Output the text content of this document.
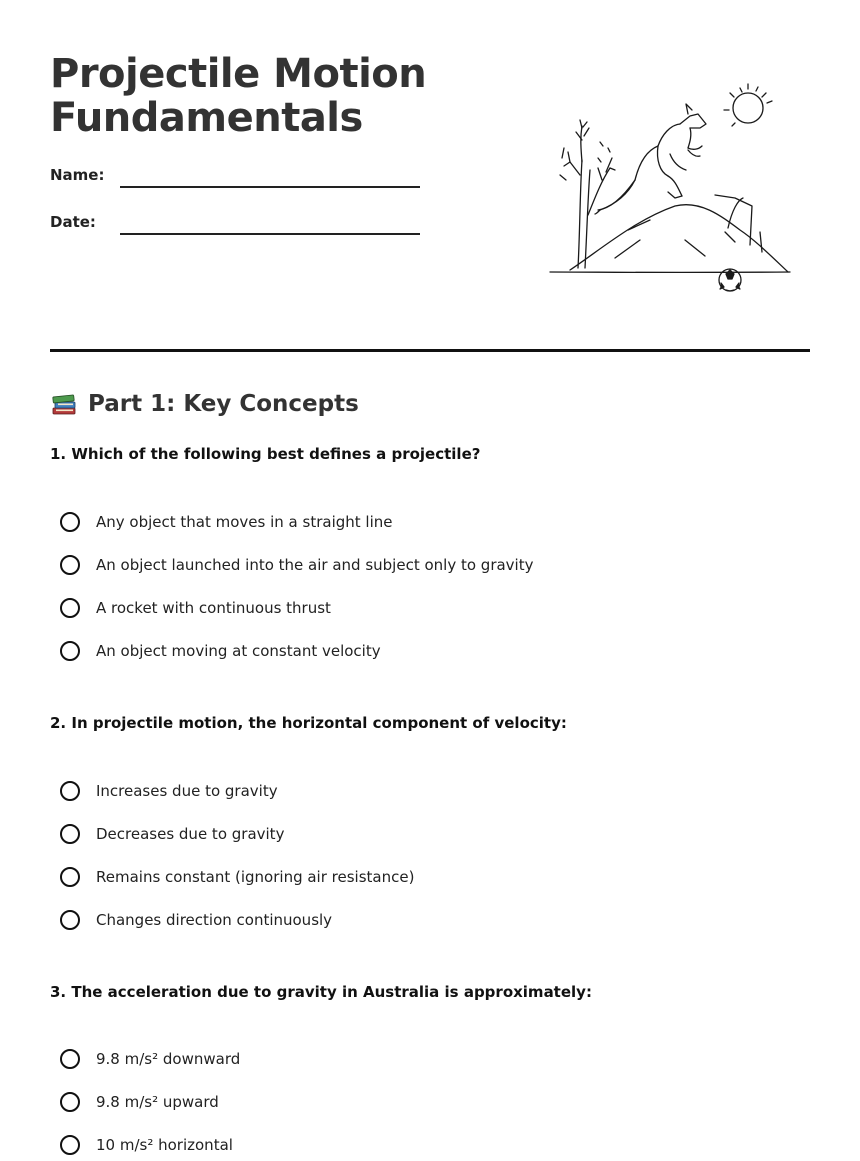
Projectile Motion
Fundamentals
Name:
Date:
Part 1: Key Concepts
1. Which of the following best defines a projectile?
Any object that moves in a straight line
An object launched into the air and subject only to gravity
A rocket with continuous thrust
An object moving at constant velocity
2. In projectile motion, the horizontal component of velocity:
Increases due to gravity
Decreases due to gravity
Remains constant (ignoring air resistance)
Changes direction continuously
3. The acceleration due to gravity in Australia is approximately:
9.8 m/s² downward
9.8 m/s² upward
10 m/s² horizontal
